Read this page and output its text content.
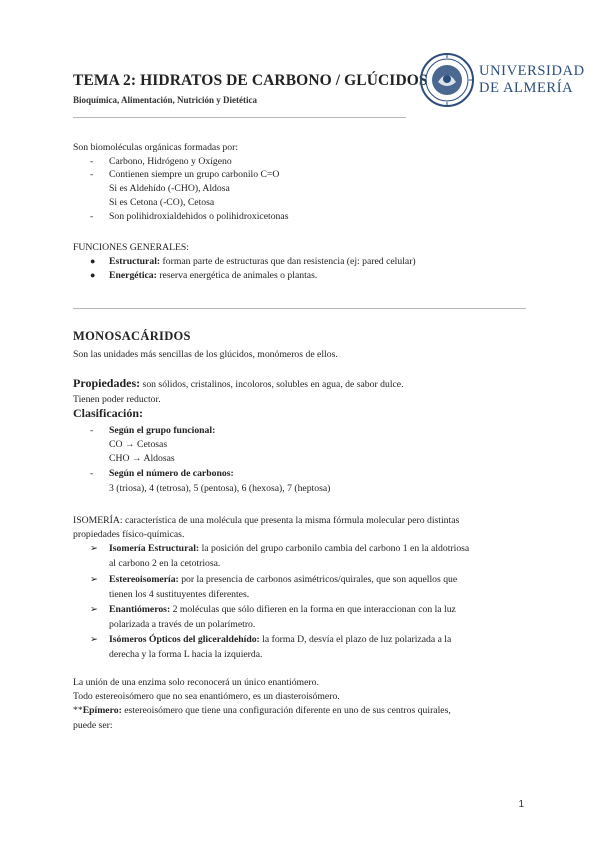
TEMA 2: HIDRATOS DE CARBONO / GLÚCIDOS
Bioquímica, Alimentación, Nutrición y Dietética
UNIVERSIDAD
DE ALMERÍA
Son biomoléculas orgánicas formadas por:
- Carbono, Hidrógeno y Oxígeno
- Contienen siempre un grupo carbonilo C=O
Si es Aldehído (-CHO), Aldosa
Si es Cetona (-CO), Cetosa
- Son polihidroxialdehidos o polihidroxicetonas
FUNCIONES GENERALES:
● Estructural: forman parte de estructuras que dan resistencia (ej: pared celular)
● Energética: reserva energética de animales o plantas.
MONOSACÁRIDOS
Son las unidades más sencillas de los glúcidos, monómeros de ellos.
Propiedades: son sólidos, cristalinos, incoloros, solubles en agua, de sabor dulce.
Tienen poder reductor.
Clasificación:
- Según el grupo funcional:
CO → Cetosas
CHO → Aldosas
- Según el número de carbonos:
3 (triosa), 4 (tetrosa), 5 (pentosa), 6 (hexosa), 7 (heptosa)
ISOMERÍA: característica de una molécula que presenta la misma fórmula molecular pero distintas
propiedades físico-químicas.
➢ Isomería Estructural: la posición del grupo carbonilo cambia del carbono 1 en la aldotriosa
al carbono 2 en la cetotriosa.
➢ Estereoisomería: por la presencia de carbonos asimétricos/quirales, que son aquellos que
tienen los 4 sustituyentes diferentes.
➢ Enantiómeros: 2 moléculas que sólo difieren en la forma en que interaccionan con la luz
polarizada a través de un polarímetro.
➢ Isómeros Ópticos del gliceraldehído: la forma D, desvía el plazo de luz polarizada a la
derecha y la forma L hacia la izquierda.
La unión de una enzima solo reconocerá un único enantiómero.
Todo estereoisómero que no sea enantiómero, es un diasteroisómero.
**Epímero: estereoisómero que tiene una configuración diferente en uno de sus centros quirales,
puede ser:
1
